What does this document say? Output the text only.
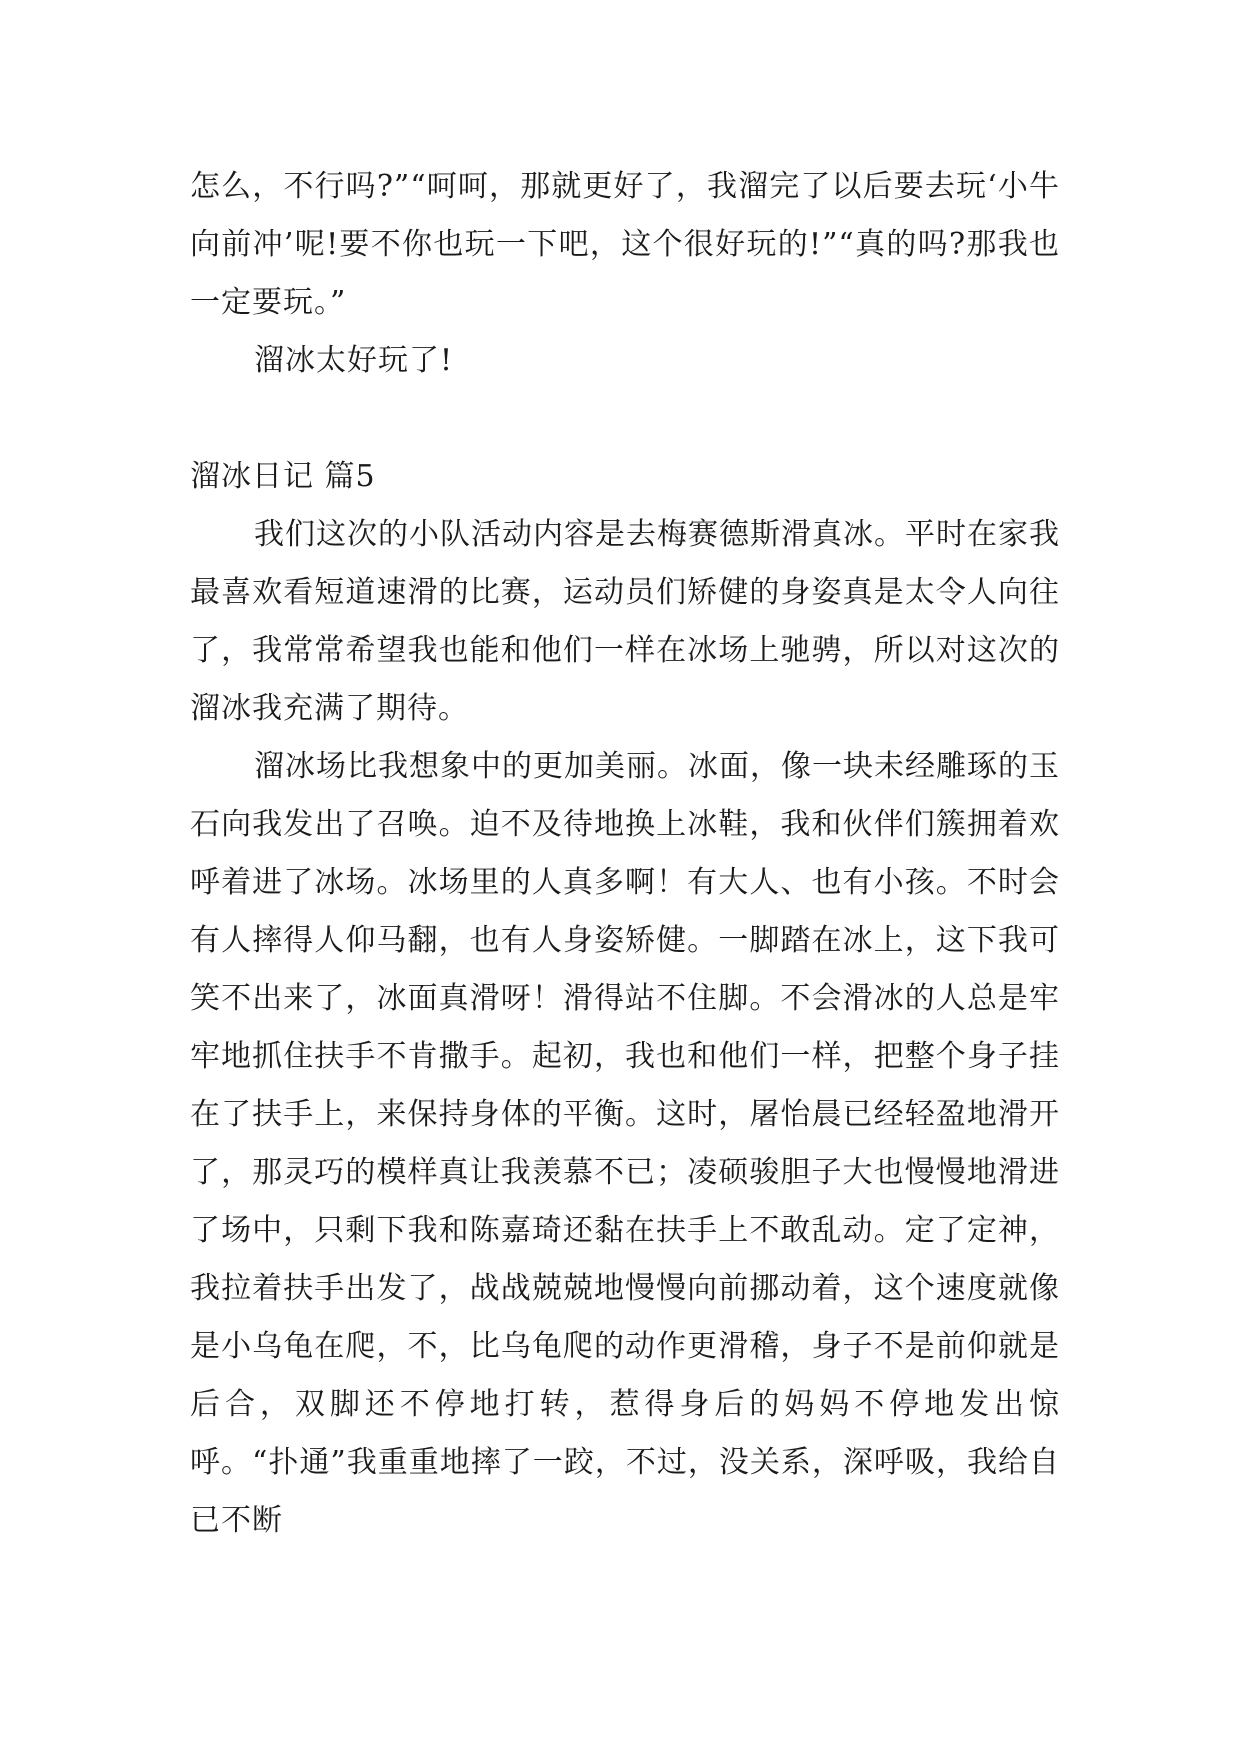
怎么，不行吗?”“呵呵，那就更好了，我溜完了以后要去玩‘小牛向前冲’呢!要不你也玩一下吧，这个很好玩的!”“真的吗?那我也一定要玩。”

溜冰太好玩了!

溜冰日记 篇5

我们这次的小队活动内容是去梅赛德斯滑真冰。平时在家我最喜欢看短道速滑的比赛，运动员们矫健的身姿真是太令人向往了，我常常希望我也能和他们一样在冰场上驰骋，所以对这次的溜冰我充满了期待。

溜冰场比我想象中的更加美丽。冰面，像一块未经雕琢的玉石向我发出了召唤。迫不及待地换上冰鞋，我和伙伴们簇拥着欢呼着进了冰场。冰场里的人真多啊！有大人、也有小孩。不时会有人摔得人仰马翻，也有人身姿矫健。一脚踏在冰上，这下我可笑不出来了，冰面真滑呀！滑得站不住脚。不会滑冰的人总是牢牢地抓住扶手不肯撒手。起初，我也和他们一样，把整个身子挂在了扶手上，来保持身体的平衡。这时，屠怡晨已经轻盈地滑开了，那灵巧的模样真让我羡慕不已；凌硕骏胆子大也慢慢地滑进了场中，只剩下我和陈嘉琦还黏在扶手上不敢乱动。定了定神，我拉着扶手出发了，战战兢兢地慢慢向前挪动着，这个速度就像是小乌龟在爬，不，比乌龟爬的动作更滑稽，身子不是前仰就是后合，双脚还不停地打转，惹得身后的妈妈不停地发出惊呼。“扑通”我重重地摔了一跤，不过，没关系，深呼吸，我给自已不断
